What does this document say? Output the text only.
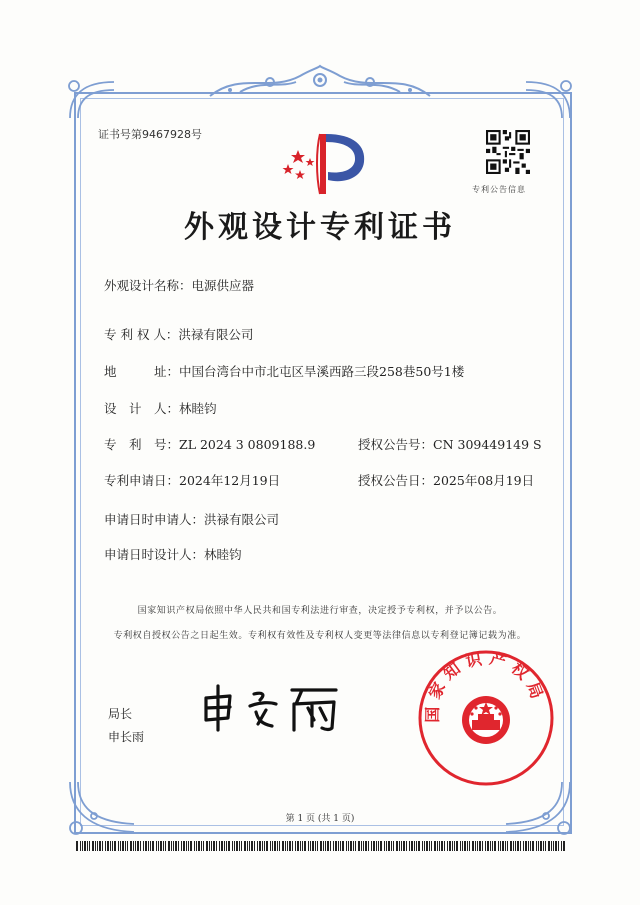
证书号第9467928号
专利公告信息
外观设计专利证书
外观设计名称：电源供应器
专 利 权 人：洪禄有限公司
地　　　址：中国台湾台中市北屯区旱溪西路三段258巷50号1楼
设　计　人：林睦钧
专　利　号：ZL 2024 3 0809188.9	授权公告号：CN 309449149 S
专利申请日：2024年12月19日	授权公告日：2025年08月19日
申请日时申请人：洪禄有限公司
申请日时设计人：林睦钧
国家知识产权局依照中华人民共和国专利法进行审查，决定授予专利权，并予以公告。
专利权自授权公告之日起生效。专利权有效性及专利权人变更等法律信息以专利登记簿记载为准。
局长
申长雨
国家知识产权局
第 1 页 (共 1 页)
